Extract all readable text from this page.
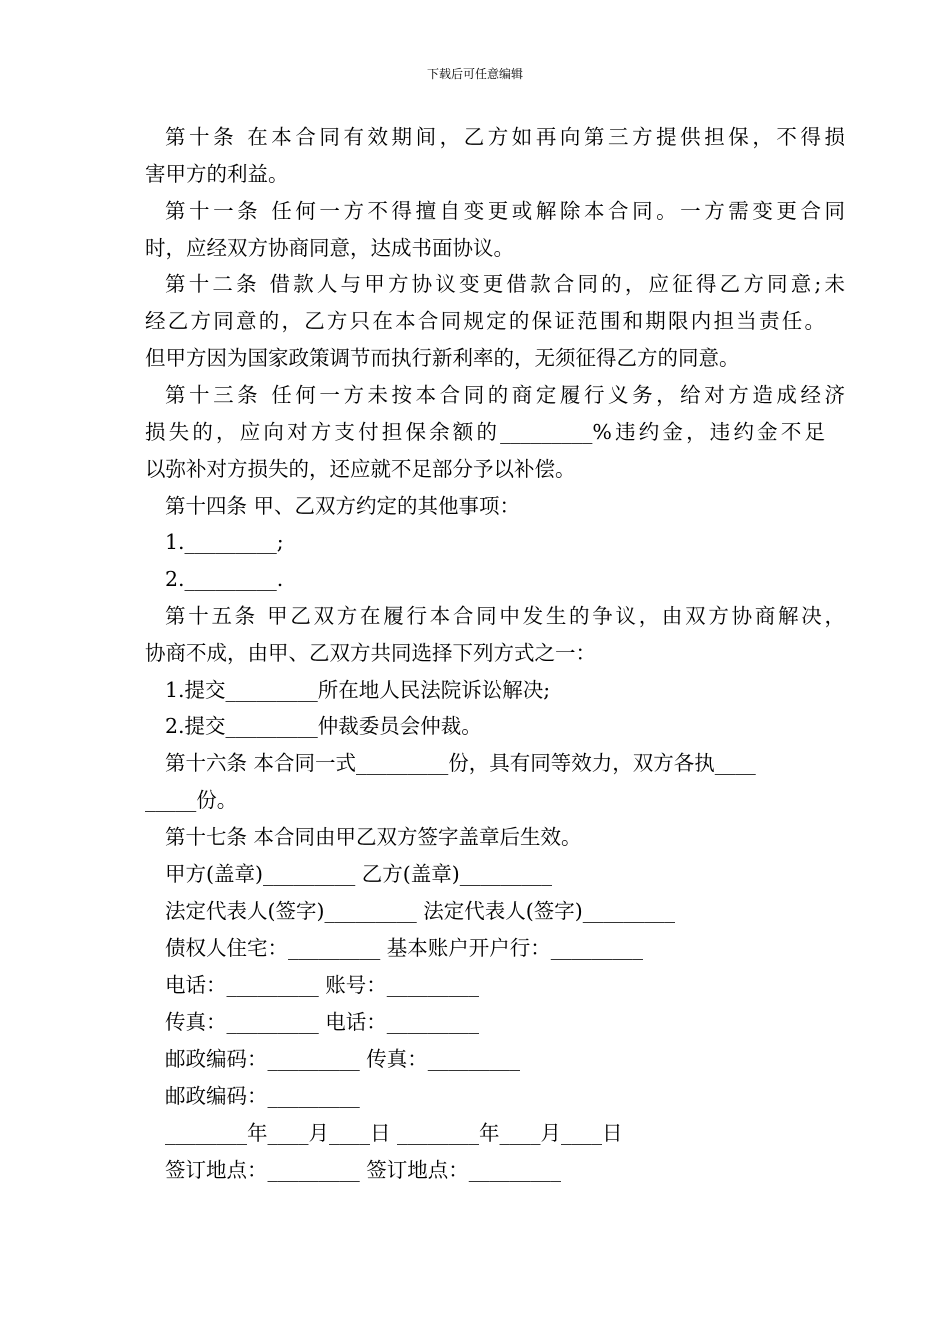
下载后可任意编辑
第十条 在本合同有效期间，乙方如再向第三方提供担保，不得损
害甲方的利益。
第十一条 任何一方不得擅自变更或解除本合同。一方需变更合同
时，应经双方协商同意，达成书面协议。
第十二条 借款人与甲方协议变更借款合同的，应征得乙方同意;未
经乙方同意的，乙方只在本合同规定的保证范围和期限内担当责任。
但甲方因为国家政策调节而执行新利率的，无须征得乙方的同意。
第十三条 任何一方未按本合同的商定履行义务，给对方造成经济
损失的，应向对方支付担保余额的_________%违约金，违约金不足
以弥补对方损失的，还应就不足部分予以补偿。
第十四条 甲、乙双方约定的其他事项：
1._________;
2._________.
第十五条 甲乙双方在履行本合同中发生的争议，由双方协商解决，
协商不成，由甲、乙双方共同选择下列方式之一：
1.提交_________所在地人民法院诉讼解决;
2.提交_________仲裁委员会仲裁。
第十六条 本合同一式_________份，具有同等效力，双方各执____
_____份。
第十七条 本合同由甲乙双方签字盖章后生效。
甲方(盖章)_________ 乙方(盖章)_________
法定代表人(签字)_________ 法定代表人(签字)_________
债权人住宅：_________ 基本账户开户行：_________
电话：_________ 账号：_________
传真：_________ 电话：_________
邮政编码：_________ 传真：_________
邮政编码：_________
________年____月____日 ________年____月____日
签订地点：_________ 签订地点：_________
